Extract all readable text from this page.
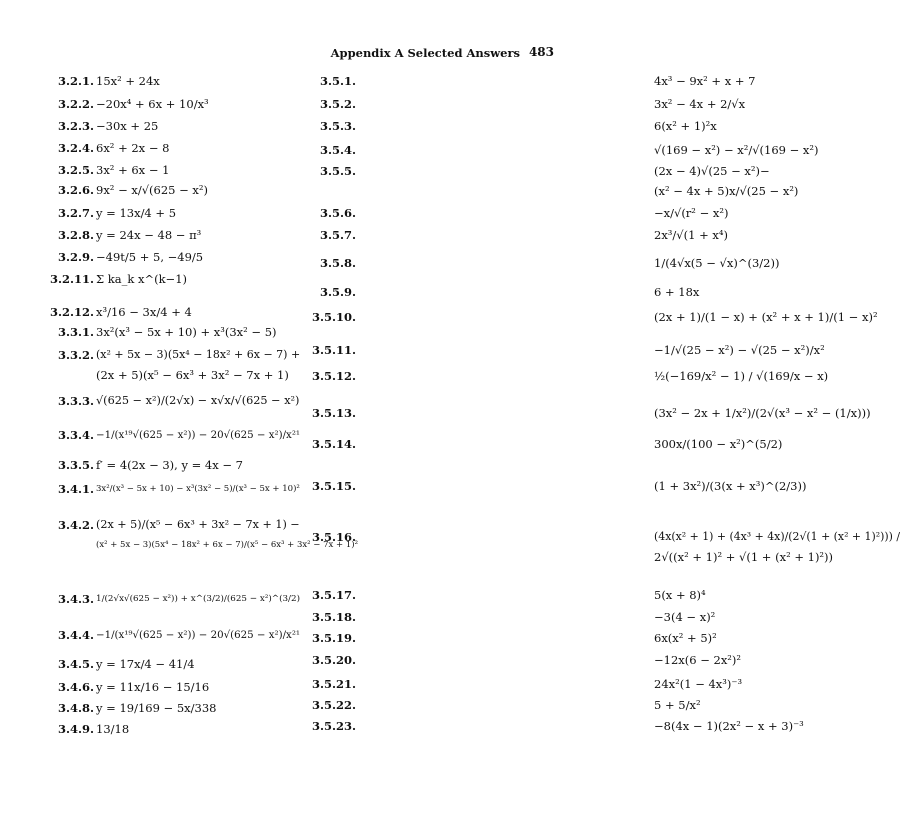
Appendix A Selected Answers 483
3.2.1. 15x² + 24x
3.2.2. −20x⁴ + 6x + 10/x³
3.2.3. −30x + 25
3.2.4. 6x² + 2x − 8
3.2.5. 3x² + 6x − 1
3.2.6. 9x² − x/√(625 − x²)
3.2.7. y = 13x/4 + 5
3.2.8. y = 24x − 48 − π³
3.2.9. −49t/5 + 5, −49/5
3.2.11. Σ ka_k x^(k−1)
3.2.12. x³/16 − 3x/4 + 4
3.3.1. 3x²(x³ − 5x + 10) + x³(3x² − 5)
3.3.2. (x² + 5x − 3)(5x⁴ − 18x² + 6x − 7) +
(2x + 5)(x⁵ − 6x³ + 3x² − 7x + 1)
3.3.3. √(625 − x²)/(2√x) − x√x/√(625 − x²)
3.3.4. −1/(x¹⁹√(625 − x²)) − 20√(625 − x²)/x²¹
3.3.5. f′ = 4(2x − 3), y = 4x − 7
3.4.1. 3x²/(x³ − 5x + 10) − x³(3x² − 5)/(x³ − 5x + 10)²
3.4.2. (2x + 5)/(x⁵ − 6x³ + 3x² − 7x + 1) −
(x² + 5x − 3)(5x⁴ − 18x² + 6x − 7)/(x⁵ − 6x³ + 3x² − 7x + 1)²
3.4.3. 1/(2√x√(625 − x²)) + x^(3/2)/(625 − x²)^(3/2)
3.4.4. −1/(x¹⁹√(625 − x²)) − 20√(625 − x²)/x²¹
3.4.5. y = 17x/4 − 41/4
3.4.6. y = 11x/16 − 15/16
3.4.8. y = 19/169 − 5x/338
3.4.9. 13/18
3.5.1.	4x³ − 9x² + x + 7
3.5.2.	3x² − 4x + 2/√x
3.5.3.	6(x² + 1)²x
3.5.4.	√(169 − x²) − x²/√(169 − x²)
3.5.5.	(2x − 4)√(25 − x²)−
(x² − 4x + 5)x/√(25 − x²)
3.5.6.	−x/√(r² − x²)
3.5.7.	2x³/√(1 + x⁴)
3.5.8.	1/(4√x(5 − √x)^(3/2))
3.5.9.	6 + 18x
3.5.10.	(2x + 1)/(1 − x) + (x² + x + 1)/(1 − x)²
3.5.11.	−1/√(25 − x²) − √(25 − x²)/x²
3.5.12.	½(−169/x² − 1) / √(169/x − x)
3.5.13.	(3x² − 2x + 1/x²)/(2√(x³ − x² − (1/x)))
3.5.14.	300x/(100 − x²)^(5/2)
3.5.15.	(1 + 3x²)/(3(x + x³)^(2/3))
3.5.16.	(4x(x² + 1) + (4x³ + 4x)/(2√(1 + (x² + 1)²))) /
2√((x² + 1)² + √(1 + (x² + 1)²))
3.5.17.	5(x + 8)⁴
3.5.18.	−3(4 − x)²
3.5.19.	6x(x² + 5)²
3.5.20.	−12x(6 − 2x²)²
3.5.21.	24x²(1 − 4x³)⁻³
3.5.22.	5 + 5/x²
3.5.23.	−8(4x − 1)(2x² − x + 3)⁻³
